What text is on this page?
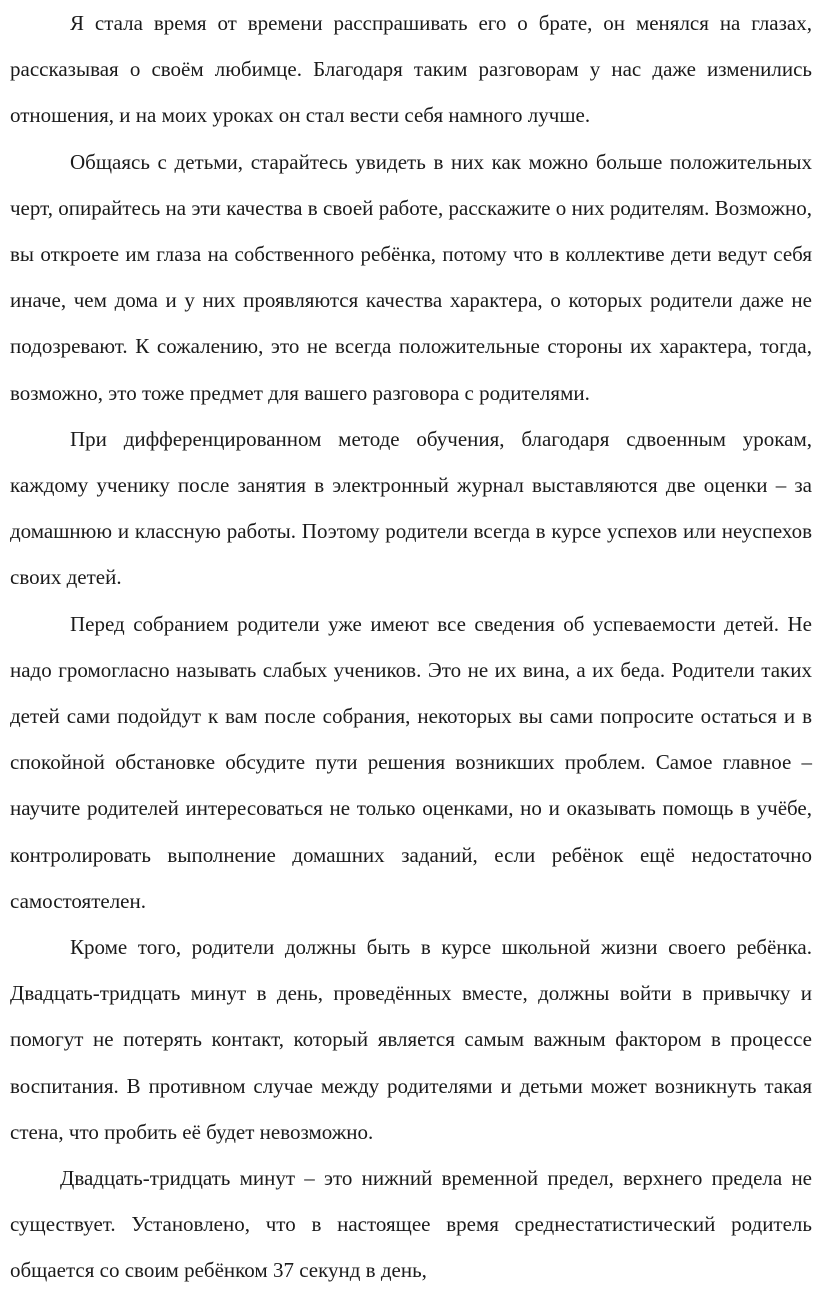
Я стала время от времени расспрашивать его о брате, он менялся на глазах, рассказывая о своём любимце. Благодаря таким разговорам у нас даже изменились отношения, и на моих уроках он стал вести себя намного лучше.

Общаясь с детьми, старайтесь увидеть в них как можно больше положительных черт, опирайтесь на эти качества в своей работе, расскажите о них родителям. Возможно, вы откроете им глаза на собственного ребёнка, потому что в коллективе дети ведут себя иначе, чем дома и у них проявляются качества характера, о которых родители даже не подозревают. К сожалению, это не всегда положительные стороны их характера, тогда, возможно, это тоже предмет для вашего разговора с родителями.

При дифференцированном методе обучения, благодаря сдвоенным урокам, каждому ученику после занятия в электронный журнал выставляются две оценки – за домашнюю и классную работы. Поэтому родители всегда в курсе успехов или неуспехов своих детей.

Перед собранием родители уже имеют все сведения об успеваемости детей. Не надо громогласно называть слабых учеников. Это не их вина, а их беда. Родители таких детей сами подойдут к вам после собрания, некоторых вы сами попросите остаться и в спокойной обстановке обсудите пути решения возникших проблем. Самое главное – научите родителей интересоваться не только оценками, но и оказывать помощь в учёбе, контролировать выполнение домашних заданий, если ребёнок ещё недостаточно самостоятелен.

Кроме того, родители должны быть в курсе школьной жизни своего ребёнка. Двадцать-тридцать минут в день, проведённых вместе, должны войти в привычку и помогут не потерять контакт, который является самым важным фактором в процессе воспитания. В противном случае между родителями и детьми может возникнуть такая стена, что пробить её будет невозможно.

Двадцать-тридцать минут – это нижний временной предел, верхнего предела не существует. Установлено, что в настоящее время среднестатистический родитель общается со своим ребёнком 37 секунд в день,
